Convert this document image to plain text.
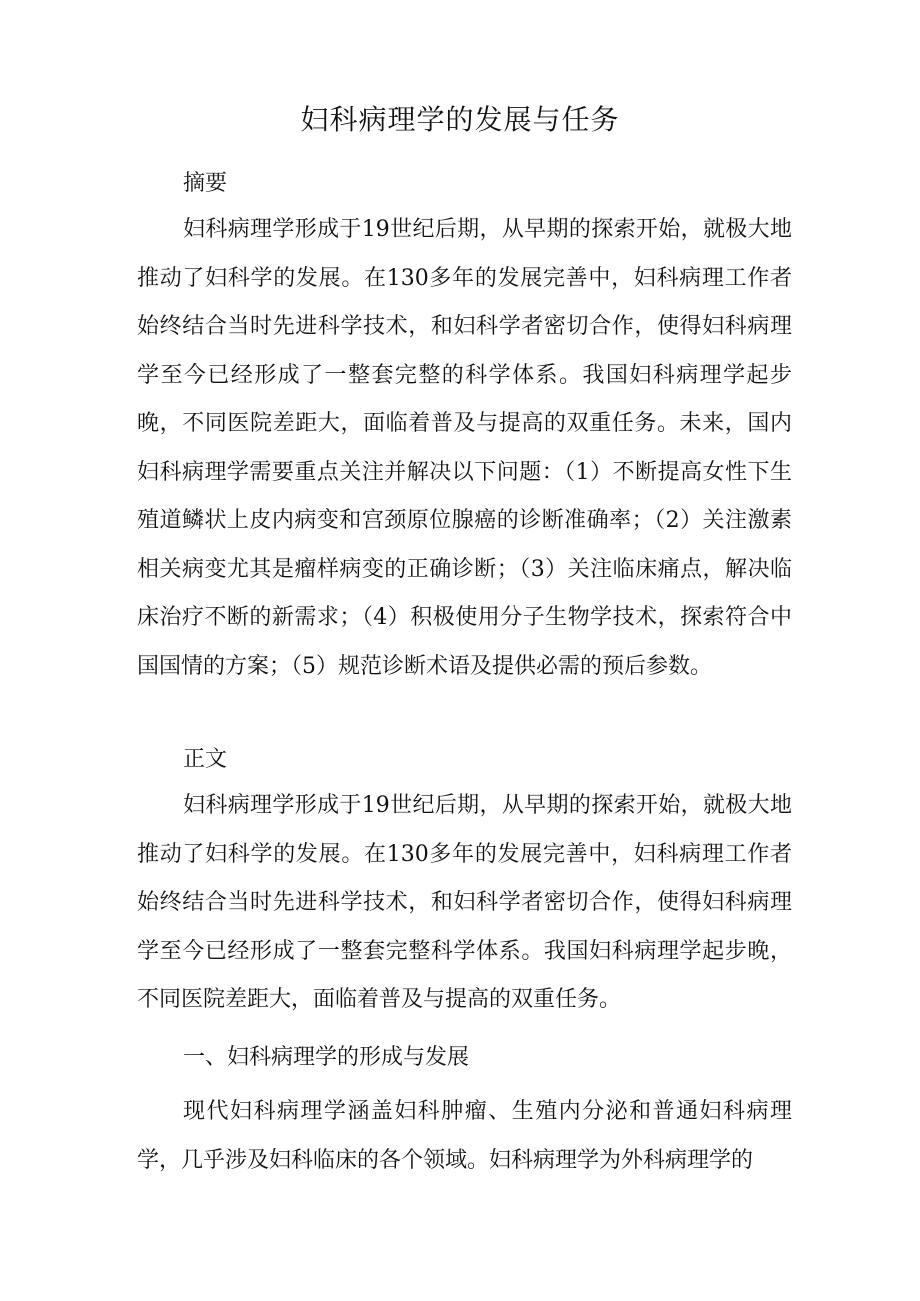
妇科病理学的发展与任务
摘要

妇科病理学形成于19世纪后期，从早期的探索开始，就极大地推动了妇科学的发展。在130多年的发展完善中，妇科病理工作者始终结合当时先进科学技术，和妇科学者密切合作，使得妇科病理学至今已经形成了一整套完整的科学体系。我国妇科病理学起步晚，不同医院差距大，面临着普及与提高的双重任务。未来，国内妇科病理学需要重点关注并解决以下问题：（1）不断提高女性下生殖道鳞状上皮内病变和宫颈原位腺癌的诊断准确率；（2）关注激素相关病变尤其是瘤样病变的正确诊断；（3）关注临床痛点，解决临床治疗不断的新需求；（4）积极使用分子生物学技术，探索符合中国国情的方案；（5）规范诊断术语及提供必需的预后参数。

正文

妇科病理学形成于19世纪后期，从早期的探索开始，就极大地推动了妇科学的发展。在130多年的发展完善中，妇科病理工作者始终结合当时先进科学技术，和妇科学者密切合作，使得妇科病理学至今已经形成了一整套完整科学体系。我国妇科病理学起步晚，不同医院差距大，面临着普及与提高的双重任务。

一、妇科病理学的形成与发展

现代妇科病理学涵盖妇科肿瘤、生殖内分泌和普通妇科病理学，几乎涉及妇科临床的各个领域。妇科病理学为外科病理学的
